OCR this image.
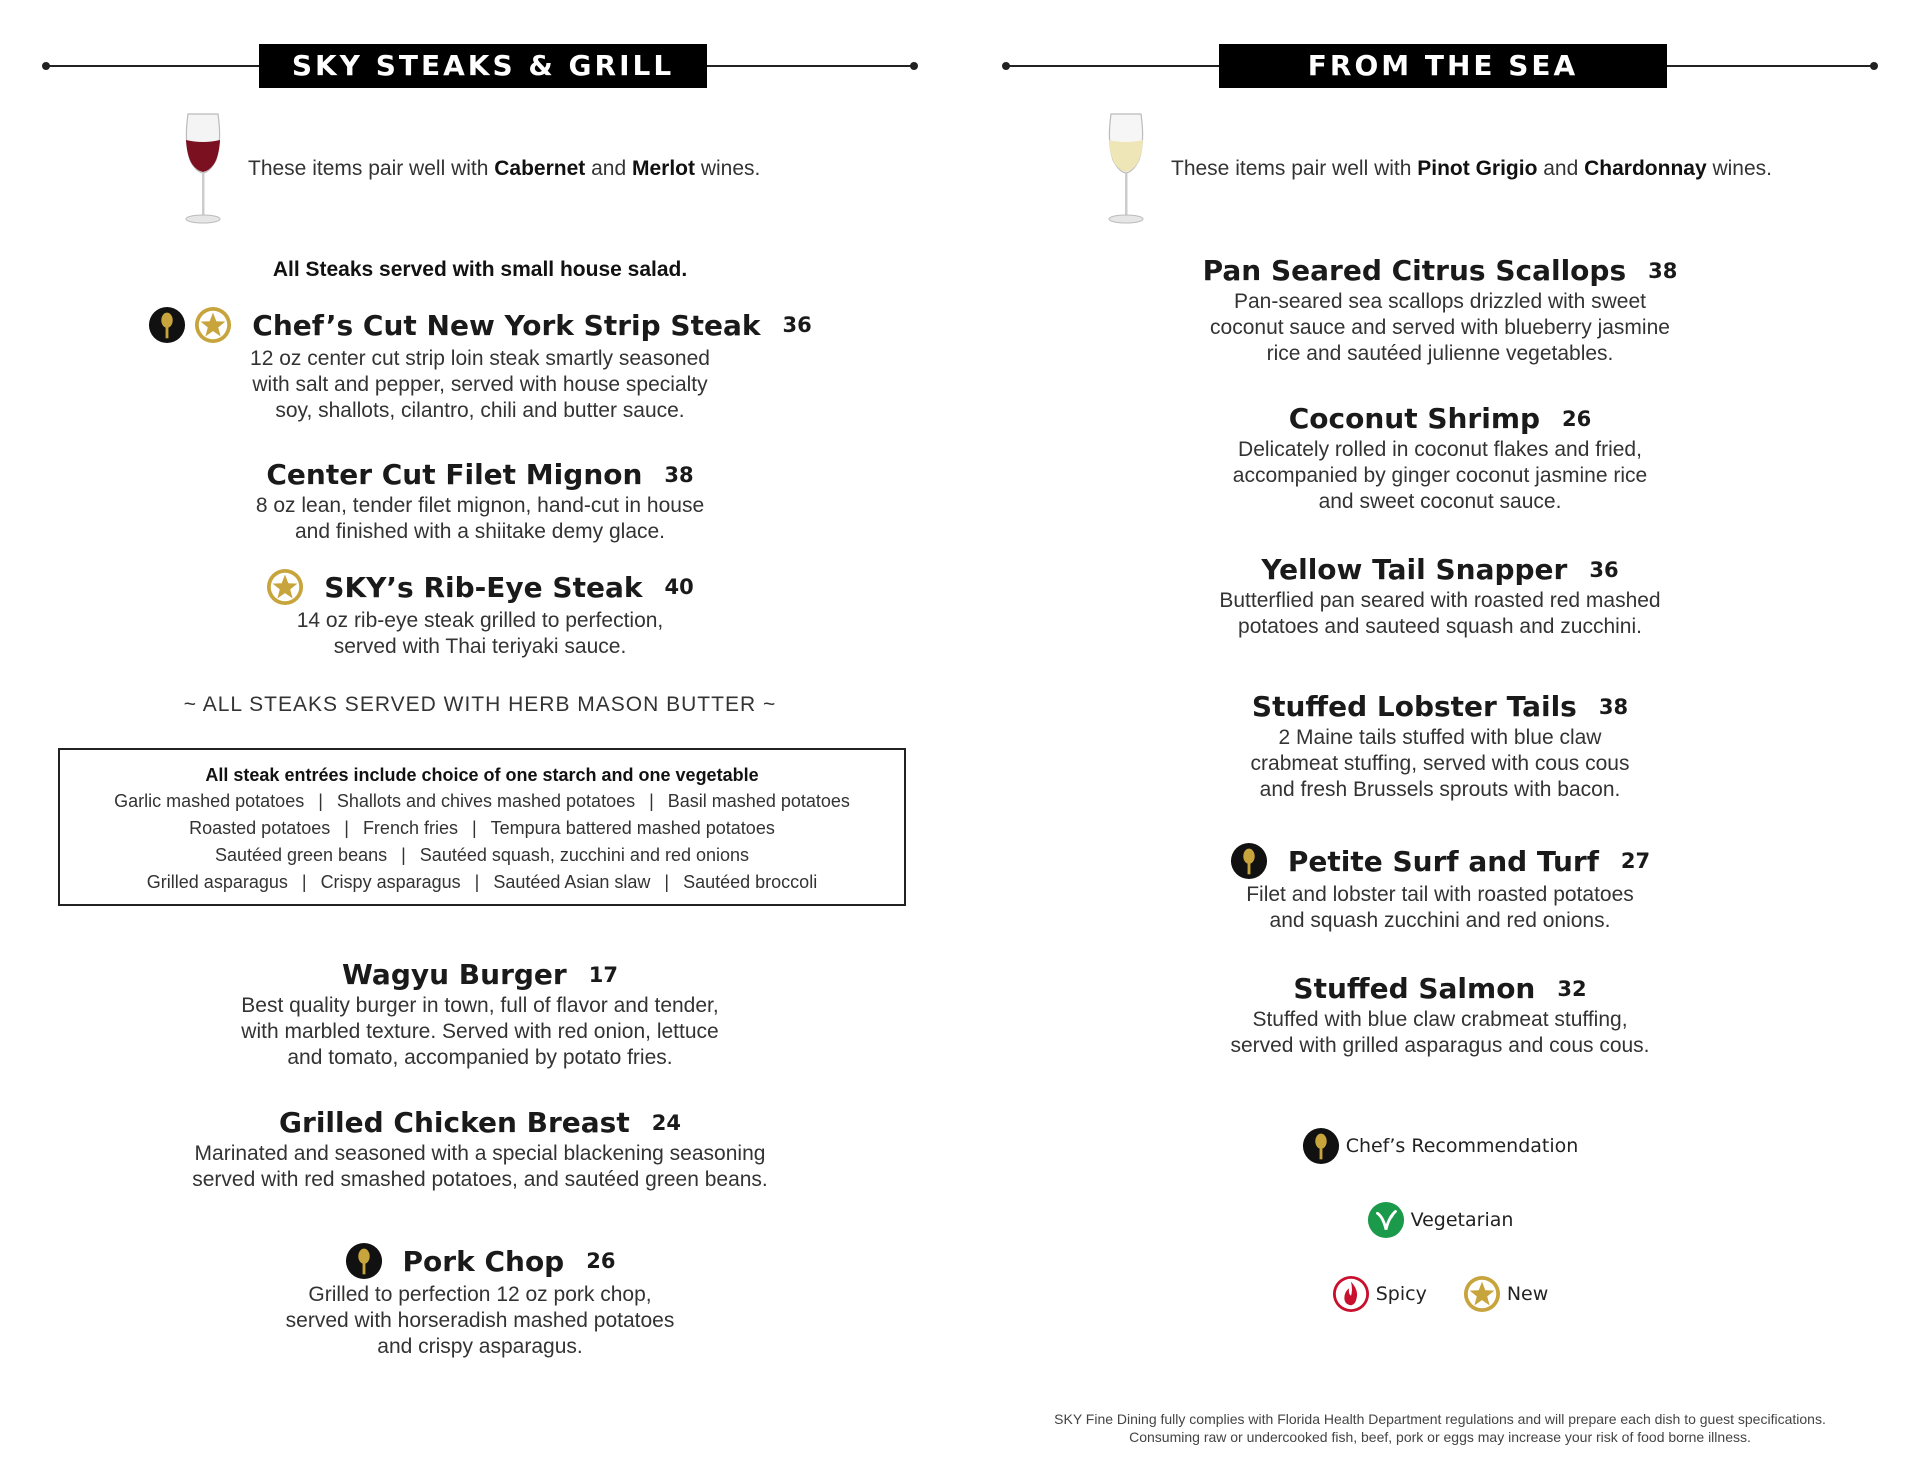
SKY STEAKS & GRILL
These items pair well with Cabernet and Merlot wines.
All Steaks served with small house salad.
Chef’s Cut New York Strip Steak 36
12 oz center cut strip loin steak smartly seasoned
with salt and pepper, served with house specialty
soy, shallots, cilantro, chili and butter sauce.
Center Cut Filet Mignon 38
8 oz lean, tender filet mignon, hand-cut in house
and finished with a shiitake demy glace.
SKY’s Rib-Eye Steak 40
14 oz rib-eye steak grilled to perfection,
served with Thai teriyaki sauce.
~ ALL STEAKS SERVED WITH HERB MASON BUTTER ~
All steak entrées include choice of one starch and one vegetable
Garlic mashed potatoes | Shallots and chives mashed potatoes | Basil mashed potatoes
Roasted potatoes | French fries | Tempura battered mashed potatoes
Sautéed green beans | Sautéed squash, zucchini and red onions
Grilled asparagus | Crispy asparagus | Sautéed Asian slaw | Sautéed broccoli
Wagyu Burger 17
Best quality burger in town, full of flavor and tender,
with marbled texture. Served with red onion, lettuce
and tomato, accompanied by potato fries.
Grilled Chicken Breast 24
Marinated and seasoned with a special blackening seasoning
served with red smashed potatoes, and sautéed green beans.
Pork Chop 26
Grilled to perfection 12 oz pork chop,
served with horseradish mashed potatoes
and crispy asparagus.
FROM THE SEA
These items pair well with Pinot Grigio and Chardonnay wines.
Pan Seared Citrus Scallops 38
Pan-seared sea scallops drizzled with sweet
coconut sauce and served with blueberry jasmine
rice and sautéed julienne vegetables.
Coconut Shrimp 26
Delicately rolled in coconut flakes and fried,
accompanied by ginger coconut jasmine rice
and sweet coconut sauce.
Yellow Tail Snapper 36
Butterflied pan seared with roasted red mashed
potatoes and sauteed squash and zucchini.
Stuffed Lobster Tails 38
2 Maine tails stuffed with blue claw
crabmeat stuffing, served with cous cous
and fresh Brussels sprouts with bacon.
Petite Surf and Turf 27
Filet and lobster tail with roasted potatoes
and squash zucchini and red onions.
Stuffed Salmon 32
Stuffed with blue claw crabmeat stuffing,
served with grilled asparagus and cous cous.
Chef’s Recommendation
Vegetarian
Spicy	New
SKY Fine Dining fully complies with Florida Health Department regulations and will prepare each dish to guest specifications.
Consuming raw or undercooked fish, beef, pork or eggs may increase your risk of food borne illness.
